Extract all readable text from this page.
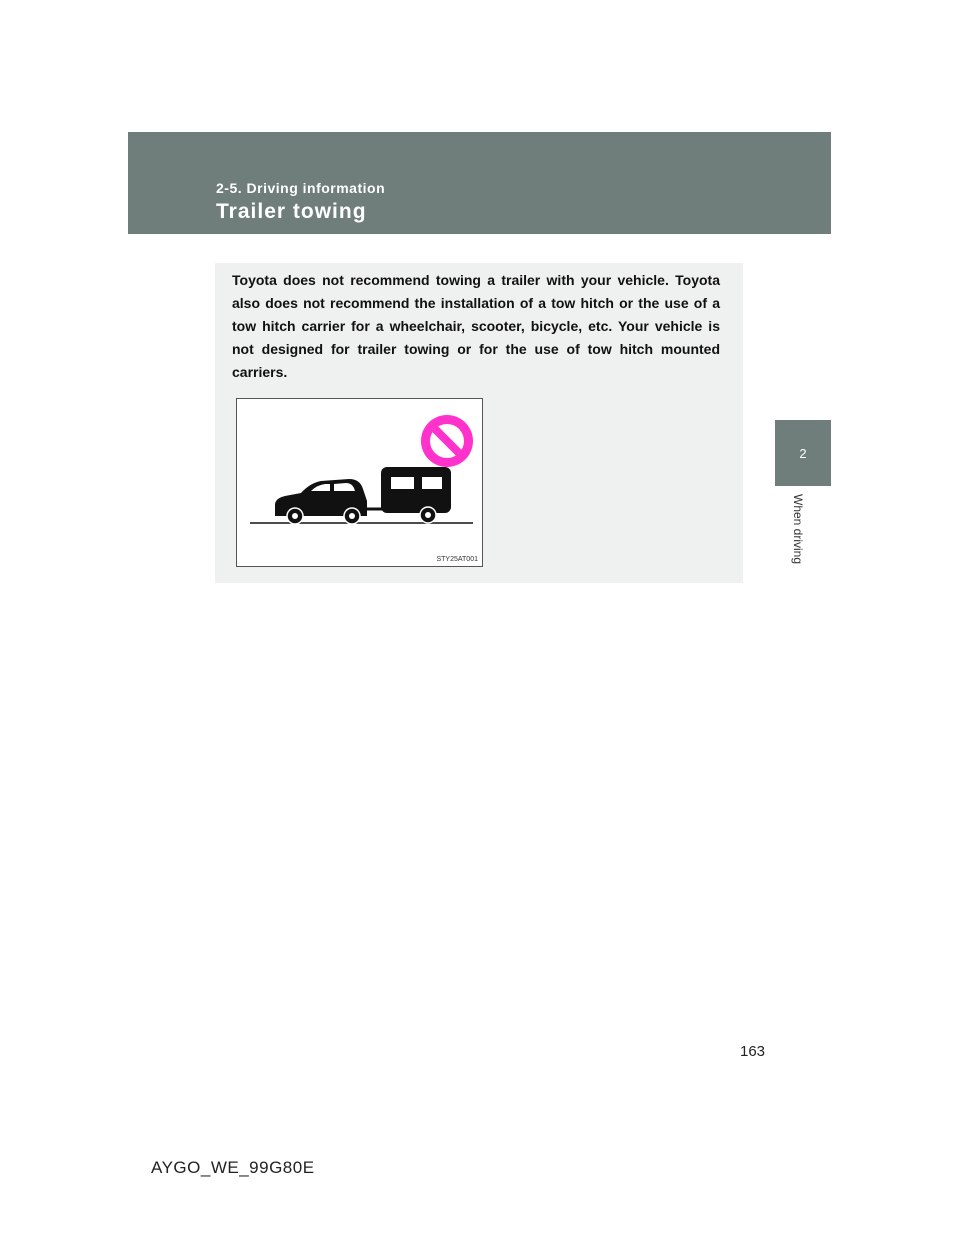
2-5. Driving information
Trailer towing
2
When driving

Toyota does not recommend towing a trailer with your vehicle. Toyota also does not recommend the installation of a tow hitch or the use of a tow hitch carrier for a wheelchair, scooter, bicycle, etc. Your vehicle is not designed for trailer towing or for the use of tow hitch mounted carriers.

STY25AT001
163
AYGO_WE_99G80E
